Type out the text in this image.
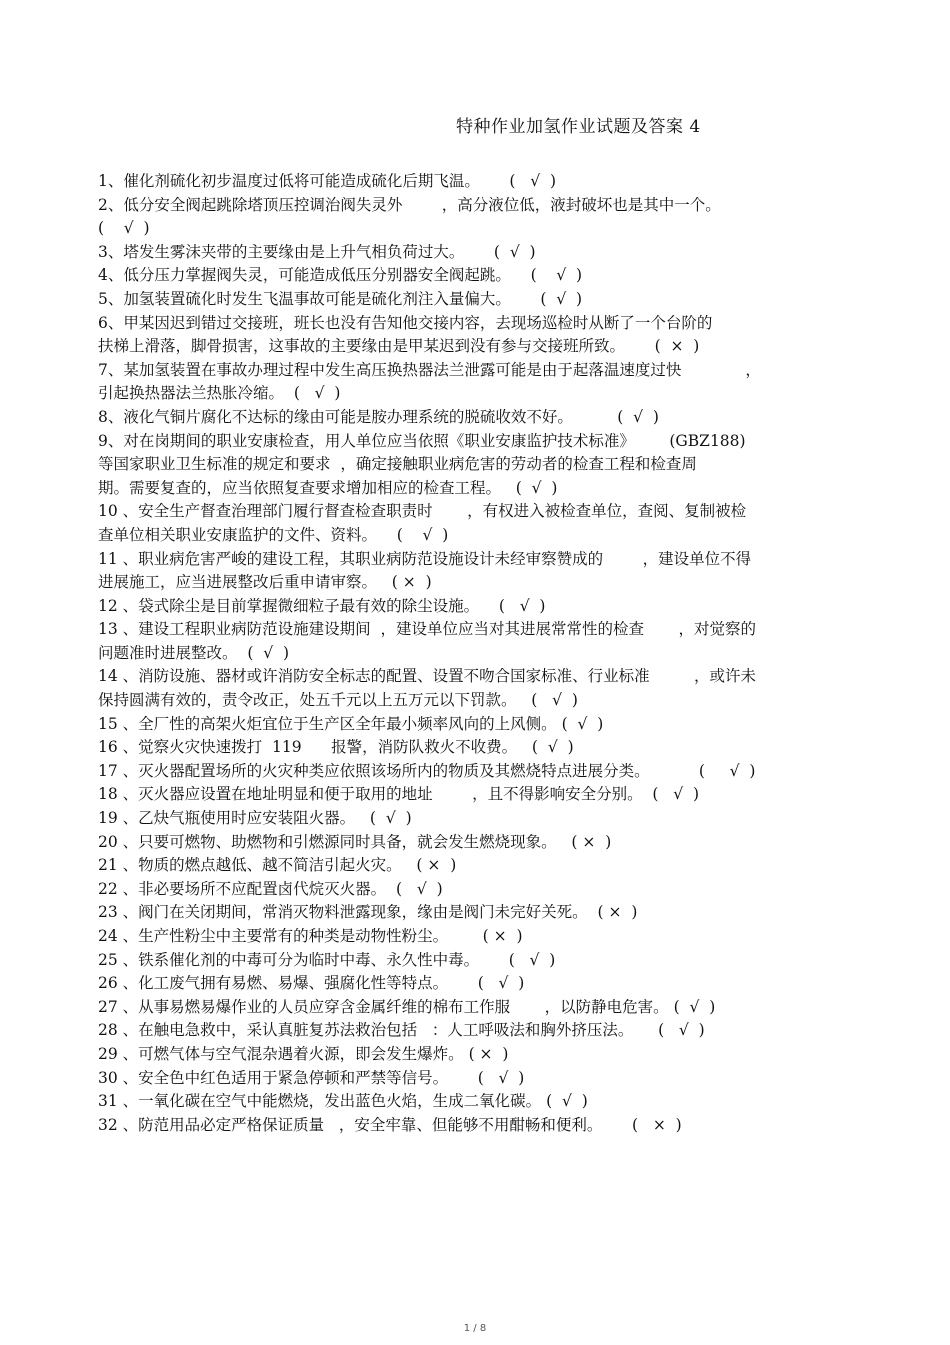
特种作业加氢作业试题及答案 4

1、催化剂硫化初步温度过低将可能造成硫化后期飞温。      (   √  )

2、低分安全阀起跳除塔顶压控调治阀失灵外        ，高分液位低，液封破坏也是其中一个。
(    √  )

3、塔发生雾沫夹带的主要缘由是上升气相负荷过大。      (  √  )

4、低分压力掌握阀失灵，可能造成低压分别器安全阀起跳。    (    √  )

5、加氢装置硫化时发生飞温事故可能是硫化剂注入量偏大。      (  √  )

6、甲某因迟到错过交接班，班长也没有告知他交接内容，去现场巡检时从断了一个台阶的
扶梯上滑落，脚骨损害，这事故的主要缘由是甲某迟到没有参与交接班所致。      (  ×  )

7、某加氢装置在事故办理过程中发生高压换热器法兰泄露可能是由于起落温速度过快             ，
引起换热器法兰热胀冷缩。  (   √  )

8、液化气铜片腐化不达标的缘由可能是胺办理系统的脱硫收效不好。         (  √  )

9、对在岗期间的职业安康检查，用人单位应当依照《职业安康监护技术标准》       (GBZ188)
等国家职业卫生标准的规定和要求  ，确定接触职业病危害的劳动者的检查工程和检查周
期。需要复查的，应当依照复查要求增加相应的检查工程。   (  √  )

10 、安全生产督查治理部门履行督查检查职责时       ，有权进入被检查单位，查阅、复制被检
查单位相关职业安康监护的文件、资料。    (    √  )

11 、职业病危害严峻的建设工程，其职业病防范设施设计未经审察赞成的        ，建设单位不得
进展施工，应当进展整改后重申请审察。   ( ×  )

12 、袋式除尘是目前掌握微细粒子最有效的除尘设施。    (   √  )

13 、建设工程职业病防范设施建设期间  ，建设单位应当对其进展常常性的检查       ，对觉察的
问题准时进展整改。  (  √  )

14 、消防设施、器材或许消防安全标志的配置、设置不吻合国家标准、行业标准         ，或许未
保持圆满有效的，责令改正，处五千元以上五万元以下罚款。   (   √  )

15 、全厂性的高架火炬宜位于生产区全年最小频率风向的上风侧。 (  √  )

16 、觉察火灾快速拨打  119      报警，消防队救火不收费。   (  √  )

17 、灭火器配置场所的火灾种类应依照该场所内的物质及其燃烧特点进展分类。          (     √  )

18 、灭火器应设置在地址明显和便于取用的地址        ，且不得影响安全分别。  (   √  )

19 、乙炔气瓶使用时应安装阻火器。   (  √  )

20 、只要可燃物、助燃物和引燃源同时具备，就会发生燃烧现象。   ( ×  )

21 、物质的燃点越低、越不简洁引起火灾。   ( ×  )

22 、非必要场所不应配置卤代烷灭火器。  (   √  )

23 、阀门在关闭期间，常消灭物料泄露现象，缘由是阀门未完好关死。  ( ×  )

24 、生产性粉尘中主要常有的种类是动物性粉尘。       ( ×  )

25 、铁系催化剂的中毒可分为临时中毒、永久性中毒。      (   √  )

26 、化工废气拥有易燃、易爆、强腐化性等特点。      (   √  )

27 、从事易燃易爆作业的人员应穿含金属纤维的棉布工作服       ，以防静电危害。 (  √  )

28 、在触电急救中，采认真脏复苏法救治包括   ：人工呼吸法和胸外挤压法。     (   √  )

29 、可燃气体与空气混杂遇着火源，即会发生爆炸。 ( ×  )

30 、安全色中红色适用于紧急停顿和严禁等信号。      (   √  )

31 、一氧化碳在空气中能燃烧，发出蓝色火焰，生成二氧化碳。 (  √  )

32 、防范用品必定严格保证质量   ，安全牢靠、但能够不用酣畅和便利。      (   ×  )

1 / 8
